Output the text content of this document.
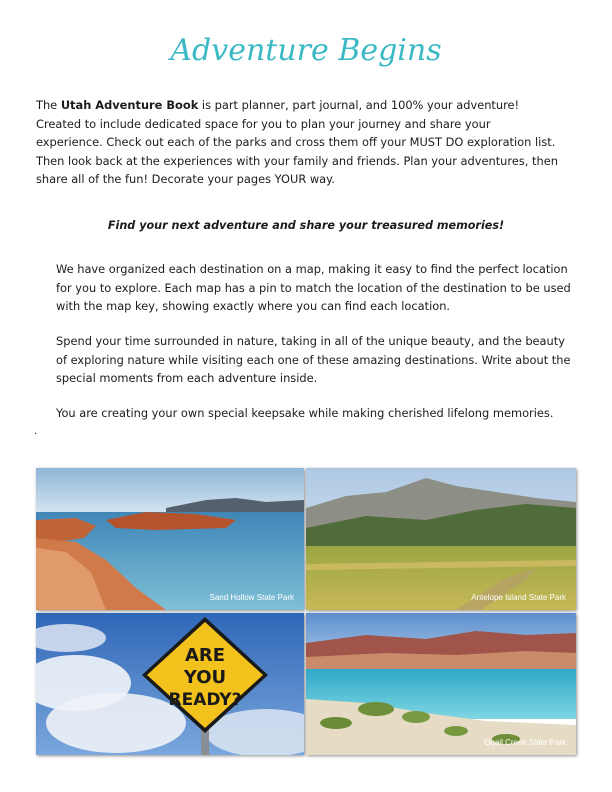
Adventure Begins

The Utah Adventure Book is part planner, part journal, and 100% your adventure! Created to include dedicated space for you to plan your journey and share your experience. Check out each of the parks and cross them off your MUST DO exploration list. Then look back at the experiences with your family and friends. Plan your adventures, then share all of the fun! Decorate your pages YOUR way.

Find your next adventure and share your treasured memories!

We have organized each destination on a map, making it easy to find the perfect location for you to explore. Each map has a pin to match the location of the destination to be used with the map key, showing exactly where you can find each location.

Spend your time surrounded in nature, taking in all of the unique beauty, and the beauty of exploring nature while visiting each one of these amazing destinations. Write about the special moments from each adventure inside.

You are creating your own special keepsake while making cherished lifelong memories.

.
Sand Hollow State Park	Antelope Island State Park
ARE
YOU
READY?
Quail Creek State Park
